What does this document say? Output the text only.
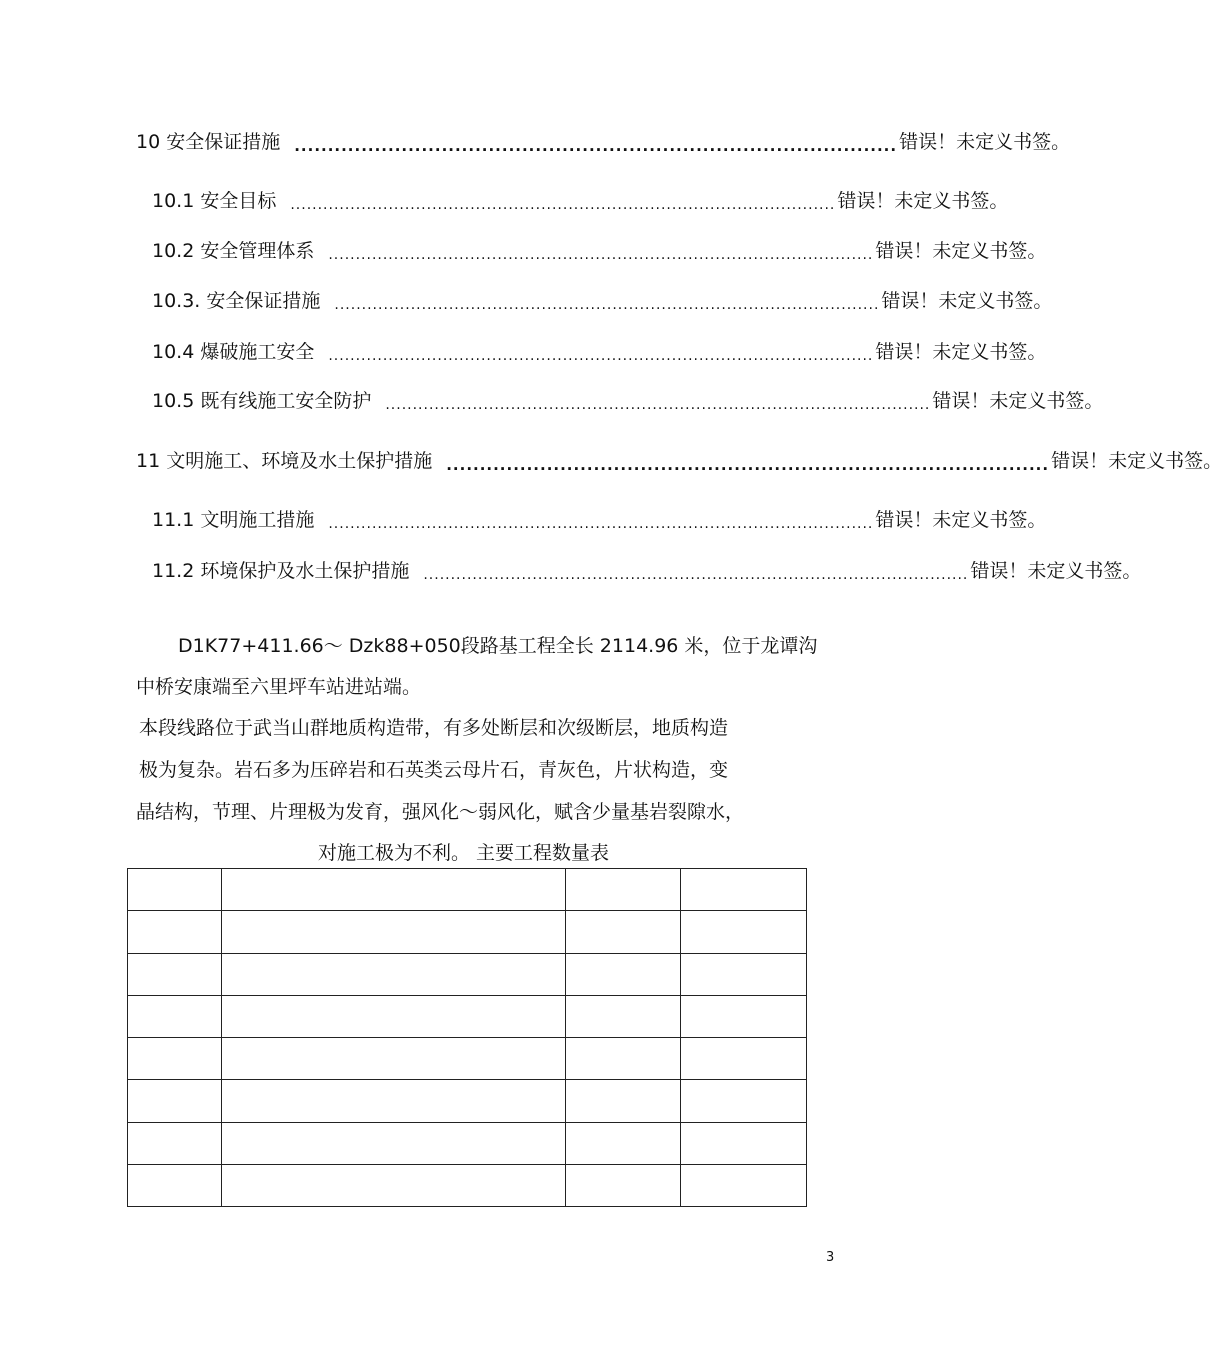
10 安全保证措施 .......................................................................................... 错误！未定义书签。
10.1 安全目标	.................................................................................................... 错误！未定义书签。
10.2 安全管理体系	.................................................................................................... 错误！未定义书签。
10.3. 安全保证措施	.................................................................................................... 错误！未定义书签。
10.4 爆破施工安全	.................................................................................................... 错误！未定义书签。
10.5 既有线施工安全防护	.................................................................................................... 错误！未定义书签。
11 文明施工、环境及水土保护措施 .......................................................................................... 错误！未定义书签。
11.1 文明施工措施	.................................................................................................... 错误！未定义书签。
11.2 环境保护及水土保护措施	.................................................................................................... 错误！未定义书签。
D1K77+411.66～ Dzk88+050段路基工程全长 2114.96 米，位于龙谭沟
中桥安康端至六里坪车站进站端。
本段线路位于武当山群地质构造带，有多处断层和次级断层，地质构造
极为复杂。岩石多为压碎岩和石英类云母片石，青灰色，片状构造，变
晶结构，节理、片理极为发育，强风化～弱风化，赋含少量基岩裂隙水，
对施工极为不利。 主要工程数量表

3
